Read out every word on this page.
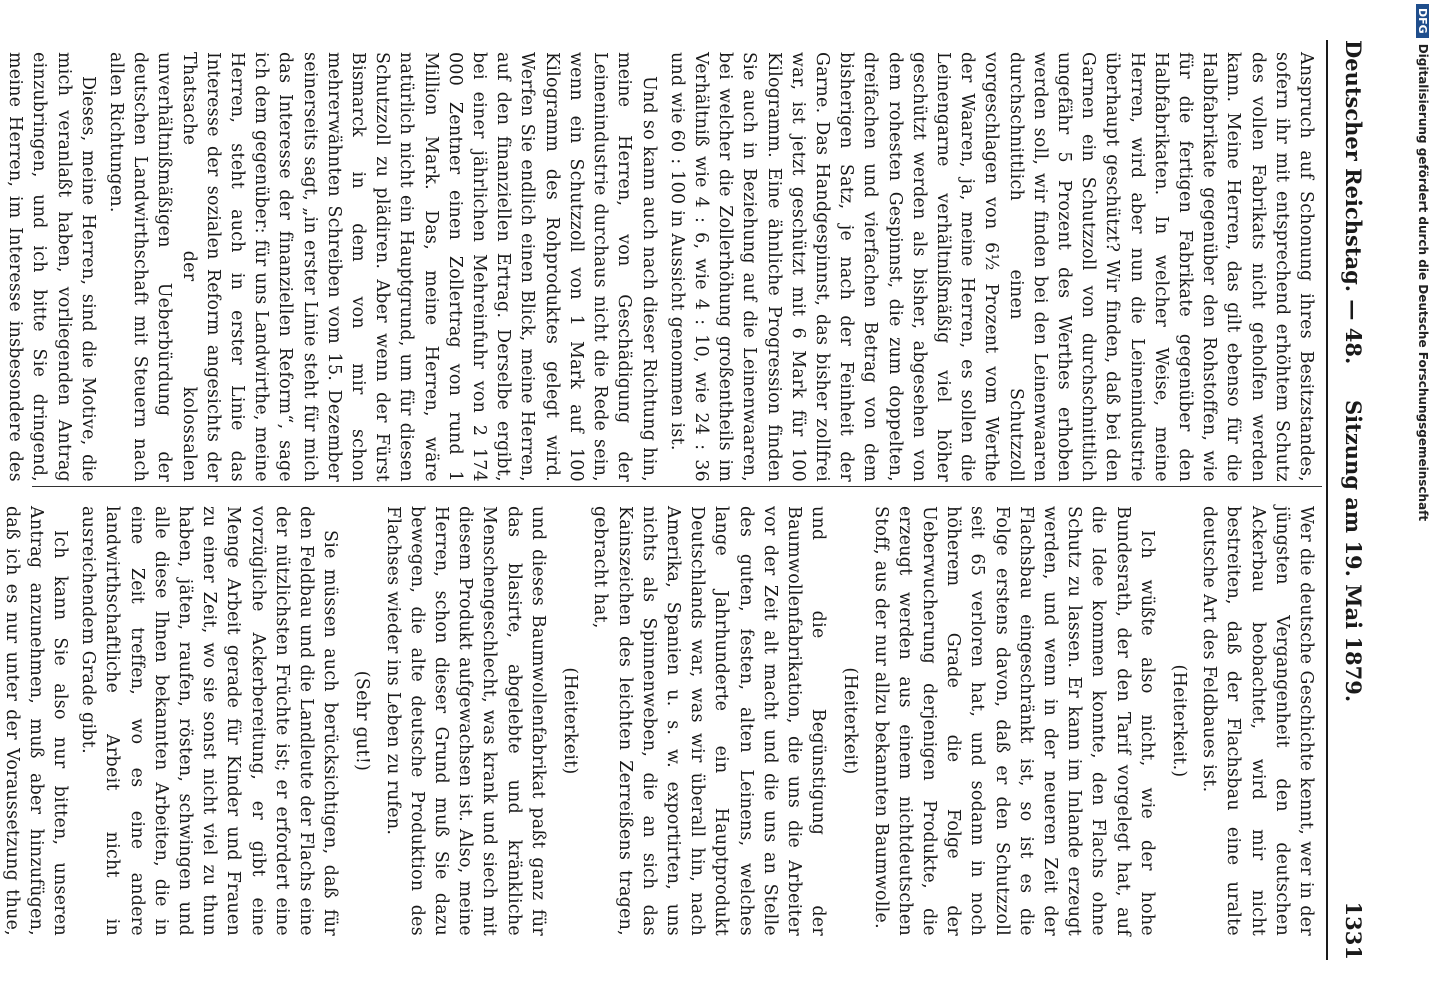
Deutscher Reichstag. — 48.
Sitzung am 19. Mai 1879.
1331

Anspruch auf Schonung ihres Besitzstandes, sofern ihr mit entsprechend erhöhtem Schutz des vollen Fabrikats nicht geholfen werden kann. Meine Herren, das gilt ebenso für die Halbfabrikate gegenüber den Rohstoffen, wie für die fertigen Fabrikate gegenüber den Halbfabrikaten. In welcher Weise, meine Herren, wird aber nun die Leinenindustrie überhaupt geschützt? Wir finden, daß bei den Garnen ein Schutzzoll von durchschnittlich ungefähr 5 Prozent des Werthes erhoben werden soll, wir finden bei den Leinenwaaren durchschnittlich einen Schutzzoll vorgeschlagen von 6½ Prozent vom Werthe der Waaren, ja, meine Herren, es sollen die Leinengarne verhältnißmäßig viel höher geschützt werden als bisher, abgesehen von dem rohesten Gespinnst, die zum doppelten, dreifachen und vierfachen Betrag von dem bisherigen Satz, je nach der Feinheit der Garne. Das Handgespinnst, das bisher zollfrei war, ist jetzt geschützt mit 6 Mark für 100 Kilogramm. Eine ähnliche Progression finden Sie auch in Beziehung auf die Leinenwaaren, bei welcher die Zollerhöhung großentheils im Verhältniß wie 4 : 6, wie 4 : 10, wie 24 : 36 und wie 60 : 100 in Aussicht genommen ist.

Und so kann auch nach dieser Richtung hin, meine Herren, von Geschädigung der Leinenindustrie durchaus nicht die Rede sein, wenn ein Schutzzoll von 1 Mark auf 100 Kilogramm des Rohproduktes gelegt wird. Werfen Sie endlich einen Blick, meine Herren, auf den finanziellen Ertrag. Derselbe ergibt, bei einer jährlichen Mehreinfuhr von 2 174 000 Zentner einen Zollertrag von rund 1 Million Mark. Das, meine Herren, wäre natürlich nicht ein Hauptgrund, um für diesen Schutzzoll zu plädiren. Aber wenn der Fürst Bismarck in dem von mir schon mehrerwähnten Schreiben vom 15. Dezember seinerseits sagt, „in erster Linie steht für mich das Interesse der finanziellen Reform“, sage ich dem gegenüber: für uns Landwirthe, meine Herren, steht auch in erster Linie das Interesse der sozialen Reform angesichts der Thatsache der kolossalen unverhältnißmäßigen Ueberbürdung der deutschen Landwirthschaft mit Steuern nach allen Richtungen.

Dieses, meine Herren, sind die Motive, die mich veranlaßt haben, vorliegenden Antrag einzubringen, und ich bitte Sie dringend, meine Herren, im Interesse insbesondere des

Wer die deutsche Geschichte kennt, wer in der jüngsten Vergangenheit den deutschen Ackerbau beobachtet, wird mir nicht bestreiten, daß der Flachsbau eine uralte deutsche Art des Feldbaues ist.

(Heiterkeit.)

Ich wüßte also nicht, wie der hohe Bundesrath, der den Tarif vorgelegt hat, auf die Idee kommen konnte, den Flachs ohne Schutz zu lassen. Er kann im Inlande erzeugt werden, und wenn in der neueren Zeit der Flachsbau eingeschränkt ist, so ist es die Folge erstens davon, daß er den Schutzzoll seit 65 verloren hat, und sodann in noch höherem Grade die Folge der Ueberwucherung derjenigen Produkte, die erzeugt werden aus einem nichtdeutschen Stoff, aus der nur allzu bekannten Baumwolle.

(Heiterkeit)

und die Begünstigung der Baumwollenfabrikation, die uns die Arbeiter vor der Zeit alt macht und die uns an Stelle des guten, festen, alten Leinens, welches lange Jahrhunderte ein Hauptprodukt Deutschlands war, was wir überall hin, nach Amerika, Spanien u. s. w. exportirten, uns nichts als Spinnenweben, die an sich das Kainszeichen des leichten Zerreißens tragen, gebracht hat,

(Heiterkeit)

und dieses Baumwollenfabrikat paßt ganz für das blasirte, abgelebte und kränkliche Menschengeschlecht, was krank und siech mit diesem Produkt aufgewachsen ist. Also, meine Herren, schon dieser Grund muß Sie dazu bewegen, die alte deutsche Produktion des Flachses wieder ins Leben zu rufen.

(Sehr gut!)

Sie müssen auch berücksichtigen, daß für den Feldbau und die Landleute der Flachs eine der nützlichsten Früchte ist; er erfordert eine vorzügliche Ackerbereitung, er gibt eine Menge Arbeit gerade für Kinder und Frauen zu einer Zeit, wo sie sonst nicht viel zu thun haben, jäten, raufen, rösten, schwingen und alle diese Ihnen bekannten Arbeiten, die in eine Zeit treffen, wo es eine andere landwirthschaftliche Arbeit nicht in ausreichendem Grade gibt.

Ich kann Sie also nur bitten, unseren Antrag anzunehmen, muß aber hinzufügen, daß ich es nur unter der Voraussetzung thue,

DFGDigitalisierung gefördert durch die Deutsche Forschungsgemeinschaft
